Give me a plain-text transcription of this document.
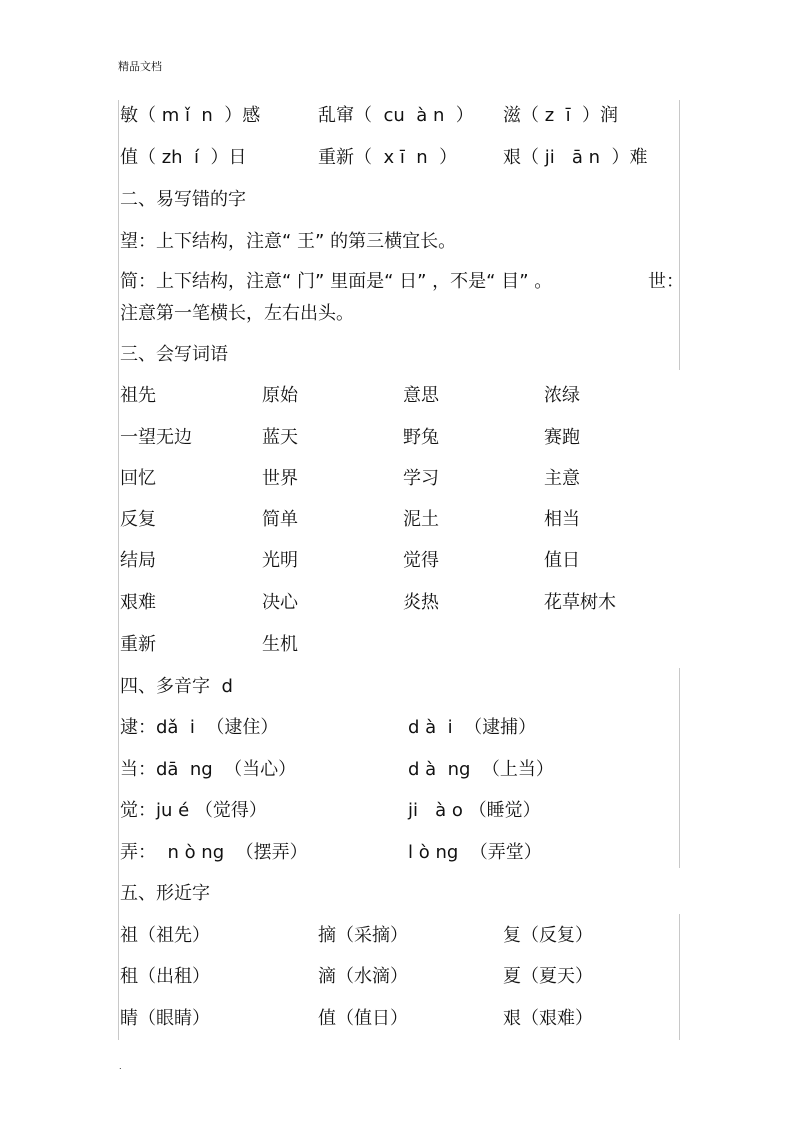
精品文档
敏（ m ǐ  n  ）感	乱窜（  cu  à n  ） 滋（ z  ī  ）润
值（ zh  í  ）日	重新（  x ī  n  ）	艰（ ji   ā n  ）难
二、易写错的字
望：上下结构，注意“ 王” 的第三横宜长。
简：上下结构，注意“ 门” 里面是“ 日” ，不是“ 目” 。	世：
注意第一笔横长，左右出头。
三、会写词语
祖先	原始	意思	浓绿
一望无边	蓝天	野兔	赛跑
回忆	世界	学习	主意
反复	简单	泥土	相当
结局	光明	觉得	值日
艰难	决心	炎热	花草树木
重新	生机
四、多音字  d
逮：dǎ  i  （逮住）	d à  i  （逮捕）
当：dā  ng  （当心）	d à  ng  （上当）
觉：ju é （觉得）	ji   à o （睡觉）
弄：  n ò ng  （摆弄）	l ò ng  （弄堂）
五、形近字
祖（祖先）	摘（采摘）	复（反复）
租（出租）	滴（水滴）	夏（夏天）
睛（眼睛）	值（值日）	艰（艰难）
.
